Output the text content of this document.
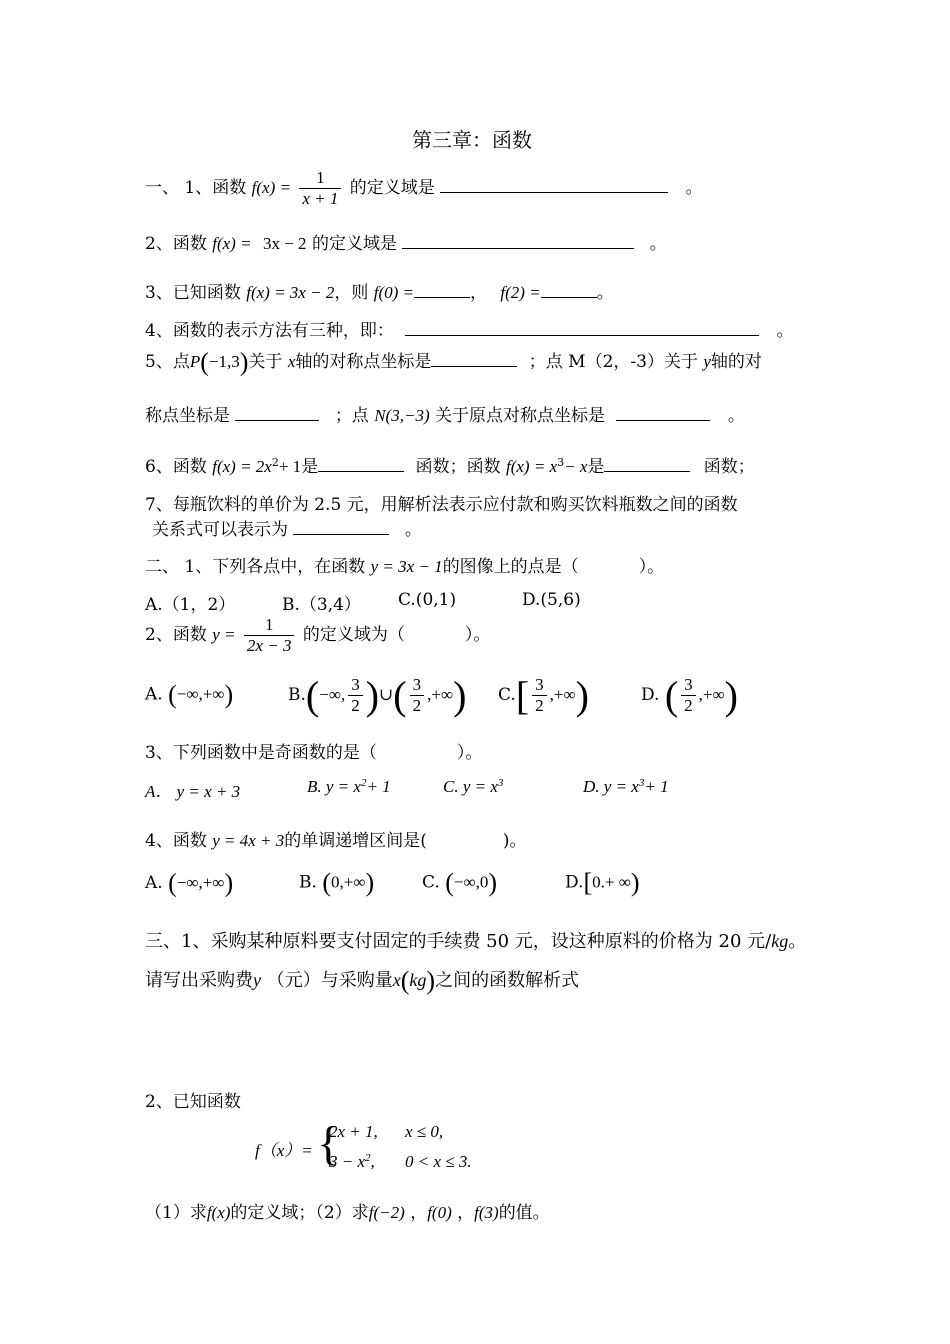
第三章：函数
一、 1、函数 $f(x) = \frac{1}{x + 1}$ 的定义域是	。
2、函数 f(x) = 3x − 2 的定义域是	。
3、已知函数 f(x) = 3x − 2，则 f(0) =	， f(2) =	。
4、函数的表示方法有三种，即：	。
5、点P(−1,3)关于 x轴的对称点坐标是	；点 M（2，-3）关于 y轴的对
称点坐标是	；点 N(3,−3) 关于原点对称点坐标是	。
6、函数 $f(x) = 2x^2+ 1$是	函数；函数 $f(x) = x^3- x$是	函数；
7、每瓶饮料的单价为 2.5 元，用解析法表示应付款和购买饮料瓶数之间的函数
关系式可以表示为	。
二、 1、下列各点中，在函数 y = 3x − 1的图像上的点是（	）。
A.（1，2）	B.（3,4） C.(0,1)	D.(5,6)
2、函数 $y = \frac{1}{2x - 3}$ 的定义域为（	）。
A. (−∞,+∞)	B.(−∞, $\frac{3}{2}$ )∪( $\frac{3}{2}$ ,+∞) $C.[ \frac{3}{2}$ ,+∞)	D. ( $\frac{3}{2}$ ,+∞)
3、下列函数中是奇函数的是（	）。
A． y = x + 3	B. $y = x^2+ 1$	C. $y = x^3$	D. $y = x^3+ 1$
4、函数 y = 4x + 3的单调递增区间是(	)。
A. (−∞,+∞)	B. (0,+∞)	C. (−∞,0)	D.[0.+ ∞)
三、1、采购某种原料要支付固定的手续费 50 元，设这种原料的价格为 20 元/kg。
请写出采购费y （元）与采购量x(kg)之间的函数解析式
2、已知函数
f（x）= {
2x + 1, x ≤ 0,
$3 - x^2$, 0 < x ≤ 3.
（1）求f(x)的定义域；（2）求f(−2) ，f(0) ，f(3)的值。
